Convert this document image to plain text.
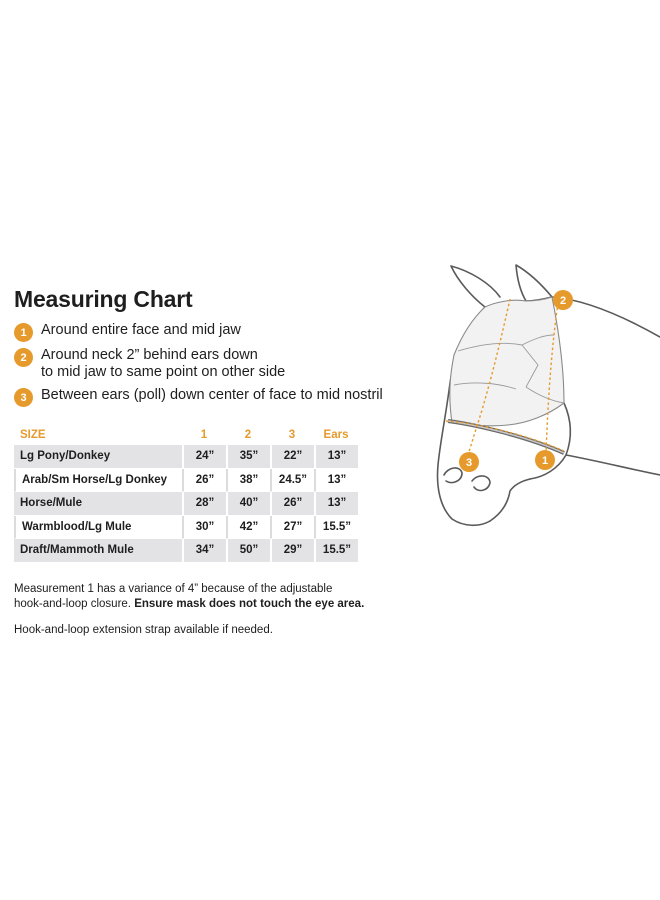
Measuring Chart
1 Around entire face and mid jaw
2 Around neck 2” behind ears down
to mid jaw to same point on other side
3 Between ears (poll) down center of face to mid nostril
SIZE	1	2	3	Ears
Lg Pony/Donkey	24”	35”	22”	13”
Arab/Sm Horse/Lg Donkey	26”	38”	24.5”	13”
Horse/Mule	28”	40”	26”	13”
Warmblood/Lg Mule	30”	42”	27”	15.5”
Draft/Mammoth Mule	34”	50”	29”	15.5”
Measurement 1 has a variance of 4” because of the adjustable
hook-and-loop closure. Ensure mask does not touch the eye area.
Hook-and-loop extension strap available if needed.
2
1
3
